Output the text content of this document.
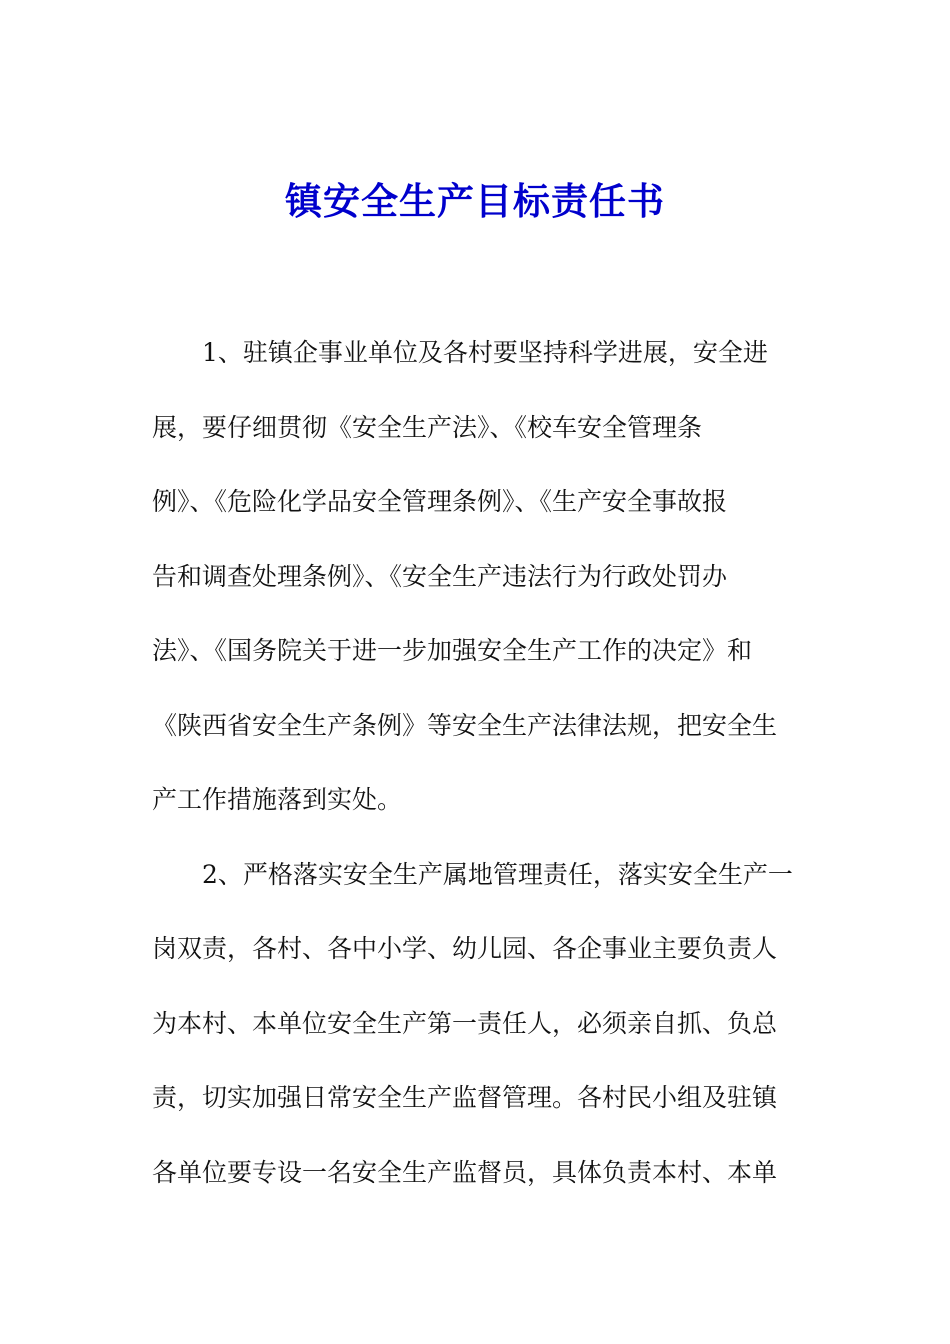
镇安全生产目标责任书
1、驻镇企事业单位及各村要坚持科学进展，安全进
展，要仔细贯彻《安全生产法》、《校车安全管理条
例》、《危险化学品安全管理条例》、《生产安全事故报
告和调查处理条例》、《安全生产违法行为行政处罚办
法》、《国务院关于进一步加强安全生产工作的决定》和
《陕西省安全生产条例》等安全生产法律法规，把安全生
产工作措施落到实处。
2、严格落实安全生产属地管理责任，落实安全生产一
岗双责，各村、各中小学、幼儿园、各企事业主要负责人
为本村、本单位安全生产第一责任人，必须亲自抓、负总
责，切实加强日常安全生产监督管理。各村民小组及驻镇
各单位要专设一名安全生产监督员，具体负责本村、本单
